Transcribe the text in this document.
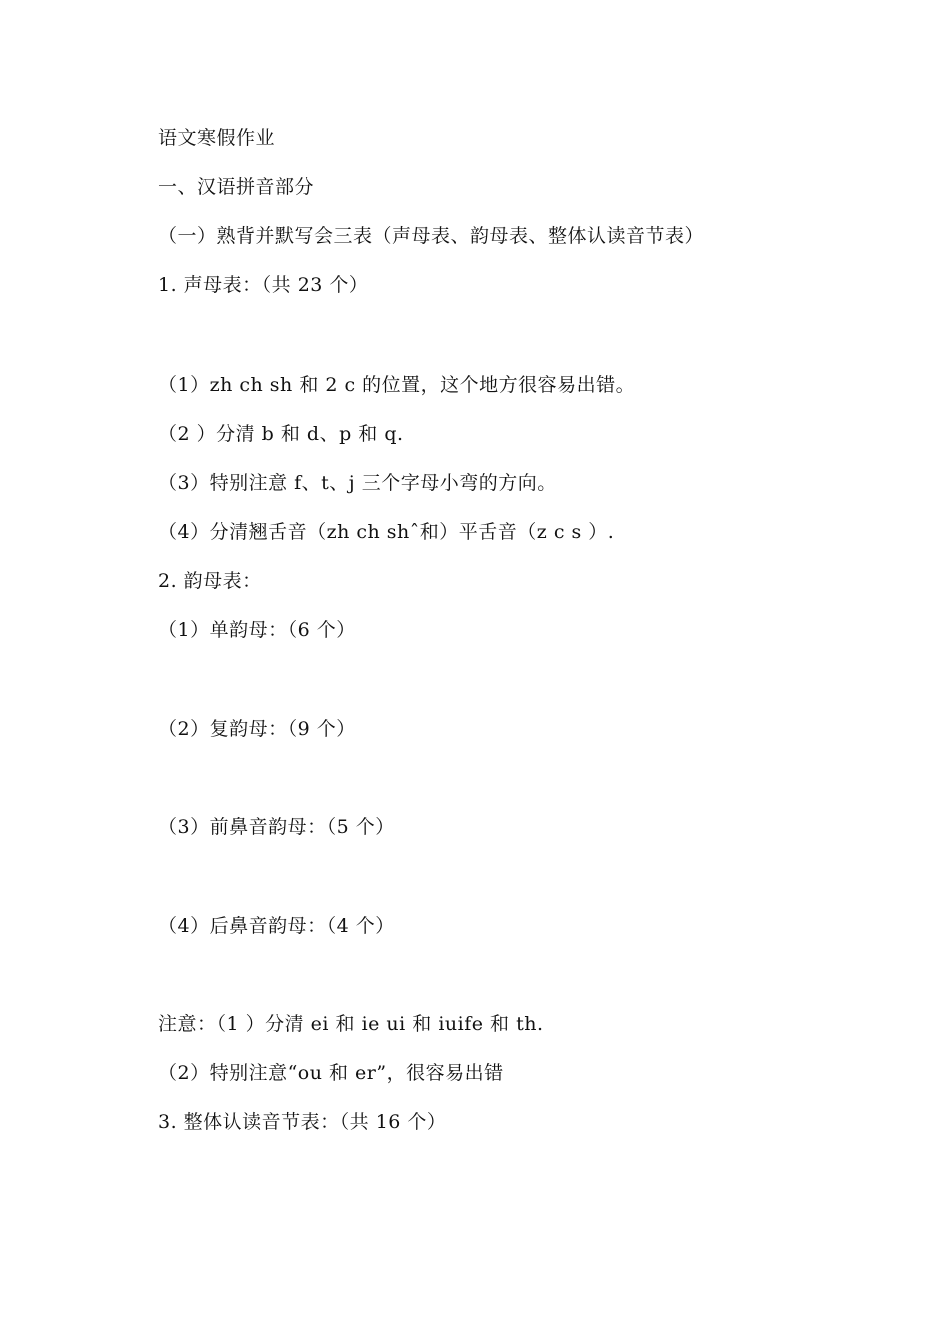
语文寒假作业
一、汉语拼音部分
（一）熟背并默写会三表（声母表、韵母表、整体认读音节表）
1. 声母表：（共 23 个）
（1）zh ch sh 和 2 c 的位置，这个地方很容易出错。
（2 ）分清 b 和 d、p 和 q.
（3）特别注意 f、t、j 三个字母小弯的方向。
（4）分清翘舌音（zh ch shˆ和）平舌音（z c s ）.
2. 韵母表：
（1）单韵母：（6 个）
（2）复韵母：（9 个）
（3）前鼻音韵母：（5 个）
（4）后鼻音韵母：（4 个）
注意：（1 ）分清 ei 和 ie ui 和 iuife 和 th.
（2）特别注意“ou 和 er”，很容易出错
3. 整体认读音节表：（共 16 个）
